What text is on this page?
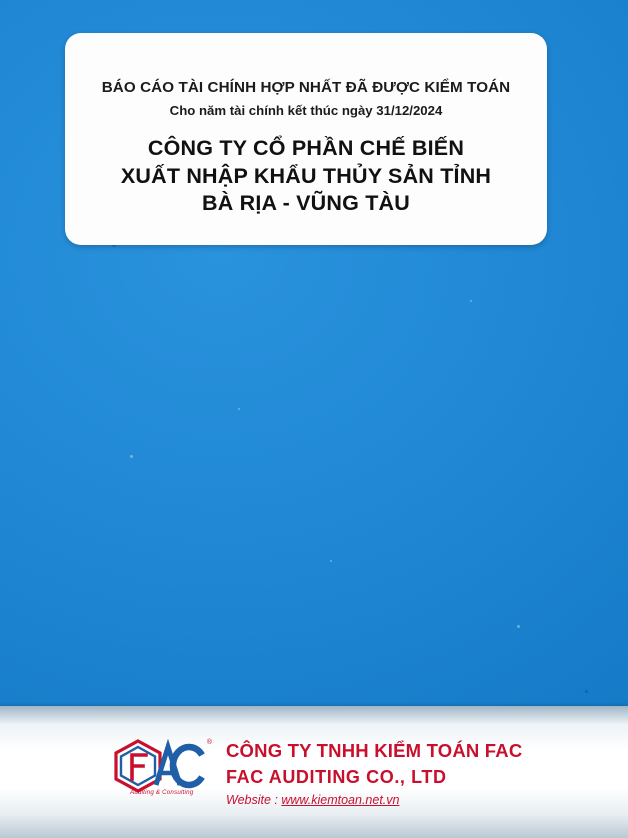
BÁO CÁO TÀI CHÍNH HỢP NHẤT ĐÃ ĐƯỢC KIỂM TOÁN
Cho năm tài chính kết thúc ngày 31/12/2024
CÔNG TY CỔ PHẦN CHẾ BIẾN
XUẤT NHẬP KHẨU THỦY SẢN TỈNH
BÀ RỊA - VŨNG TÀU
®
Auditing & Consulting
CÔNG TY TNHH KIỂM TOÁN FAC
FAC AUDITING CO., LTD
Website : www.kiemtoan.net.vn
